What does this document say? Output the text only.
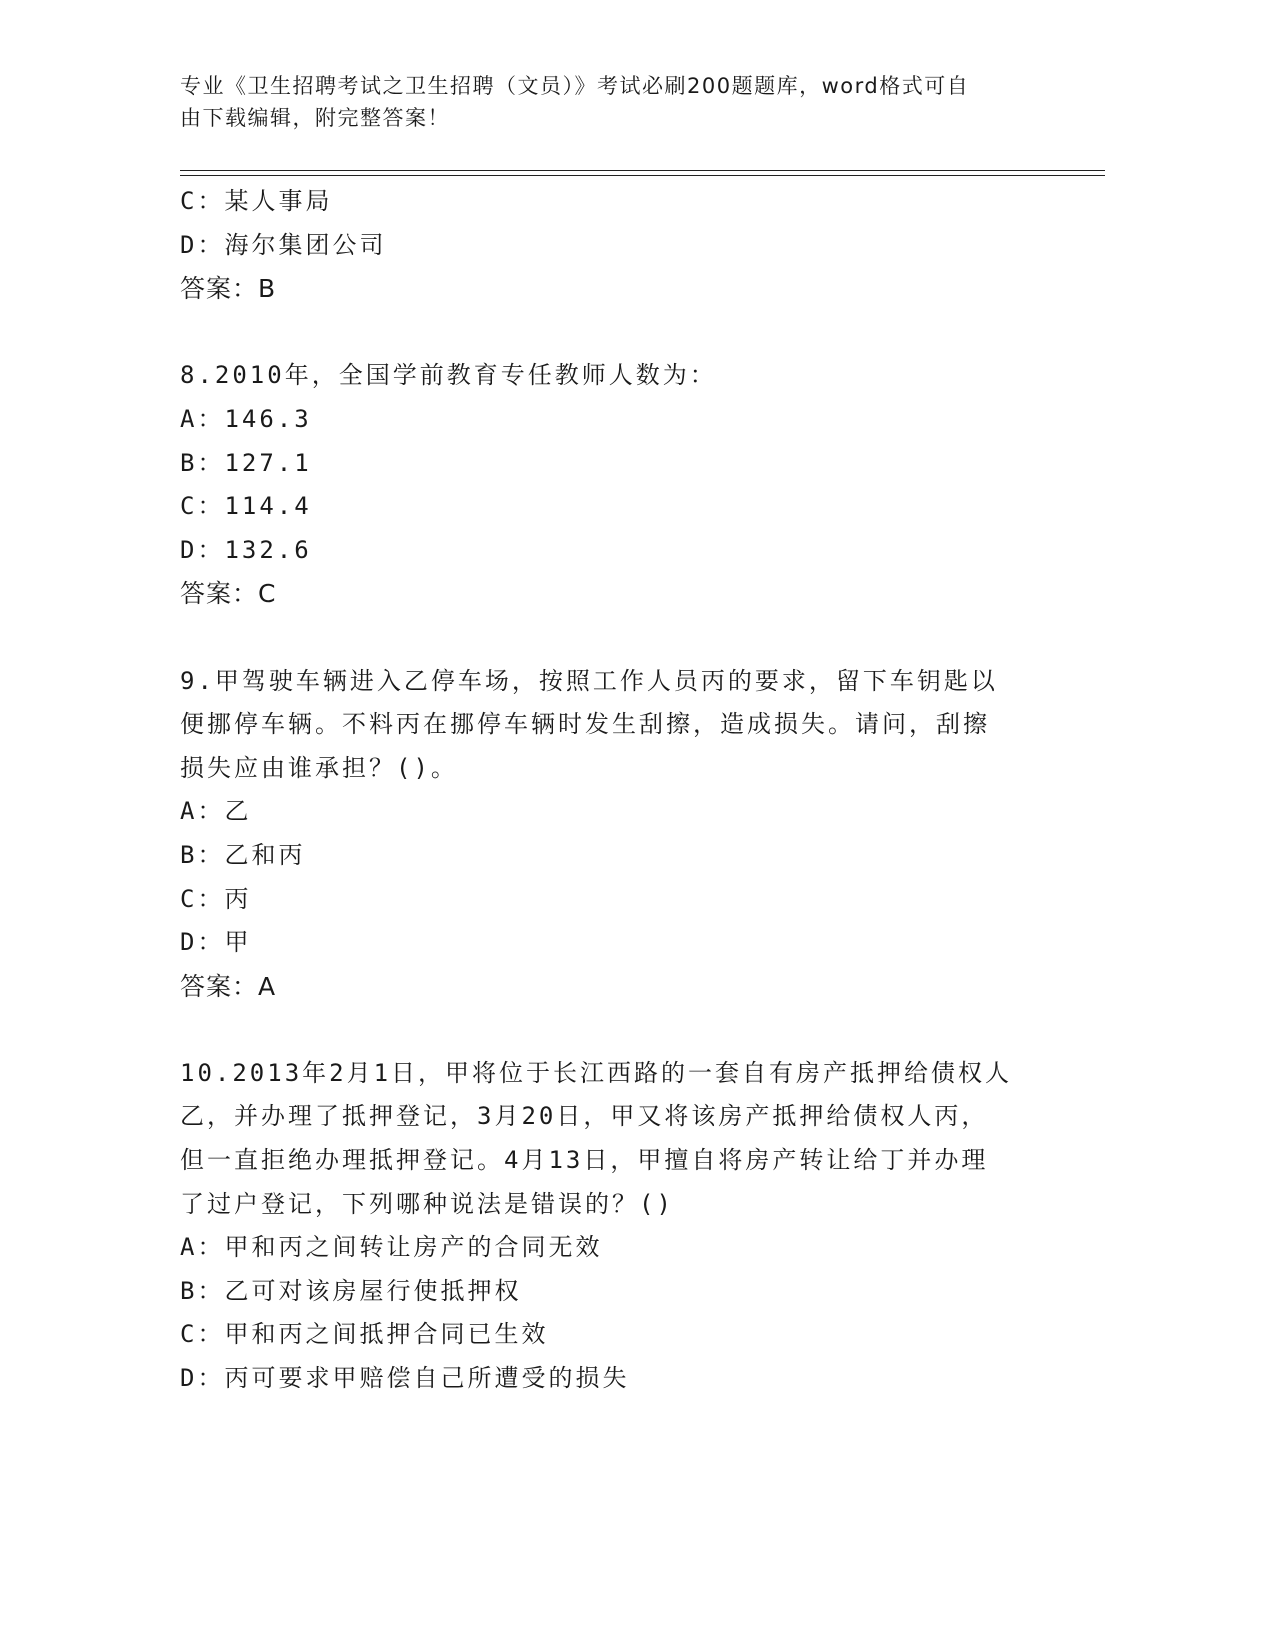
专业《卫生招聘考试之卫生招聘（文员）》考试必刷200题题库，word格式可自
由下载编辑，附完整答案！

C：某人事局

D：海尔集团公司

答案：B

8.2010年，全国学前教育专任教师人数为：

A：146.3

B：127.1

C：114.4

D：132.6

答案：C

9.甲驾驶车辆进入乙停车场，按照工作人员丙的要求，留下车钥匙以
便挪停车辆。不料丙在挪停车辆时发生刮擦，造成损失。请问，刮擦
损失应由谁承担？()。

A：乙

B：乙和丙

C：丙

D：甲

答案：A

10.2013年2月1日，甲将位于长江西路的一套自有房产抵押给债权人
乙，并办理了抵押登记，3月20日，甲又将该房产抵押给债权人丙，
但一直拒绝办理抵押登记。4月13日，甲擅自将房产转让给丁并办理
了过户登记，下列哪种说法是错误的？()

A：甲和丙之间转让房产的合同无效

B：乙可对该房屋行使抵押权

C：甲和丙之间抵押合同已生效

D：丙可要求甲赔偿自己所遭受的损失
